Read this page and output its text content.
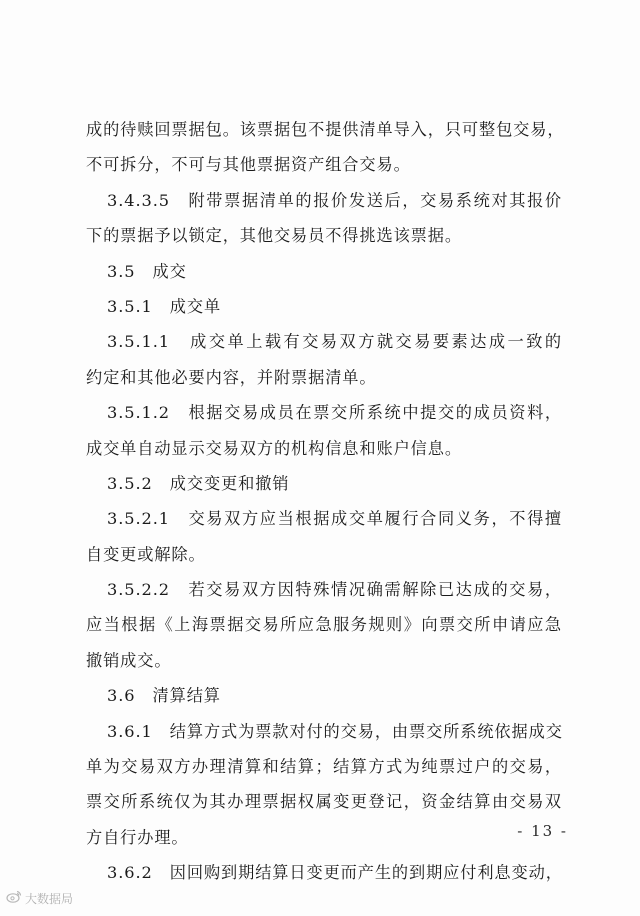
成的待赎回票据包。该票据包不提供清单导入，只可整包交易，
不可拆分，不可与其他票据资产组合交易。
3.4.3.5　附带票据清单的报价发送后，交易系统对其报价
下的票据予以锁定，其他交易员不得挑选该票据。
3.5　成交
3.5.1　成交单
3.5.1.1　成交单上载有交易双方就交易要素达成一致的
约定和其他必要内容，并附票据清单。
3.5.1.2　根据交易成员在票交所系统中提交的成员资料，
成交单自动显示交易双方的机构信息和账户信息。
3.5.2　成交变更和撤销
3.5.2.1　交易双方应当根据成交单履行合同义务，不得擅
自变更或解除。
3.5.2.2　若交易双方因特殊情况确需解除已达成的交易，
应当根据《上海票据交易所应急服务规则》向票交所申请应急
撤销成交。
3.6　清算结算
3.6.1　结算方式为票款对付的交易，由票交所系统依据成交
单为交易双方办理清算和结算；结算方式为纯票过户的交易，
票交所系统仅为其办理票据权属变更登记，资金结算由交易双
方自行办理。
3.6.2　因回购到期结算日变更而产生的到期应付利息变动，
- 13 -
大数据局
